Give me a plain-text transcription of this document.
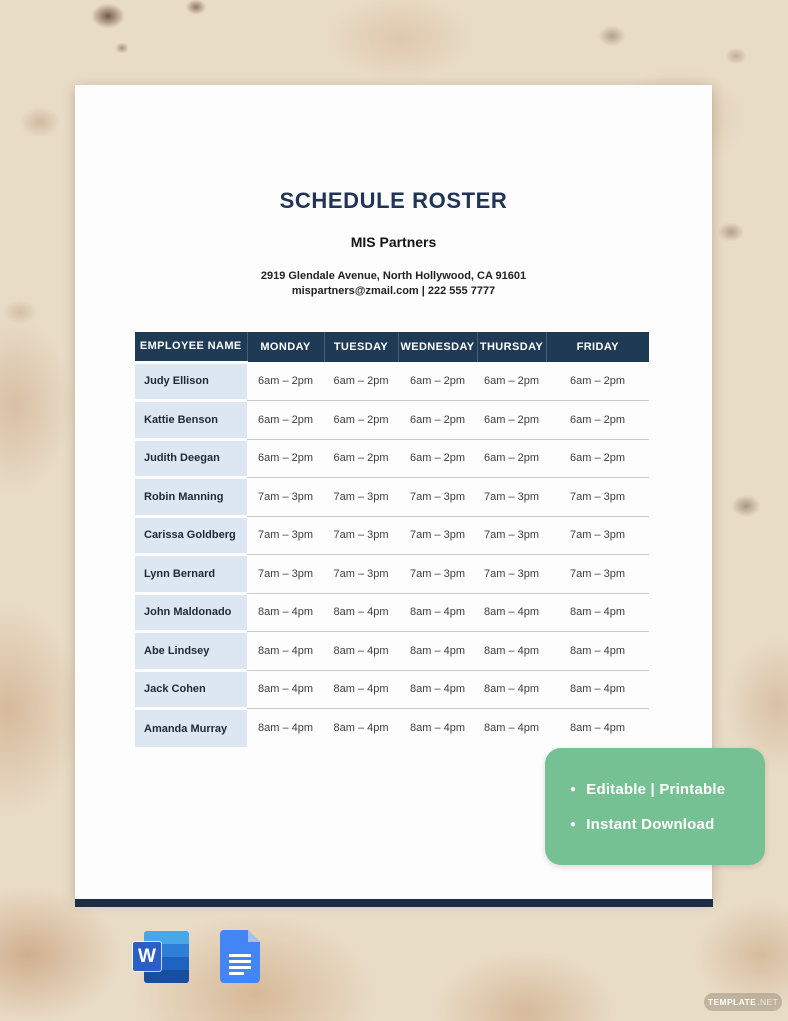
SCHEDULE ROSTER
MIS Partners
2919 Glendale Avenue, North Hollywood, CA 91601
mispartners@zmail.com | 222 555 7777
EMPLOYEE NAME	MONDAY	TUESDAY	WEDNESDAY	THURSDAY	FRIDAY
Judy Ellison	6am – 2pm	6am – 2pm	6am – 2pm	6am – 2pm	6am – 2pm
Kattie Benson	6am – 2pm	6am – 2pm	6am – 2pm	6am – 2pm	6am – 2pm
Judith Deegan	6am – 2pm	6am – 2pm	6am – 2pm	6am – 2pm	6am – 2pm
Robin Manning	7am – 3pm	7am – 3pm	7am – 3pm	7am – 3pm	7am – 3pm
Carissa Goldberg	7am – 3pm	7am – 3pm	7am – 3pm	7am – 3pm	7am – 3pm
Lynn Bernard	7am – 3pm	7am – 3pm	7am – 3pm	7am – 3pm	7am – 3pm
John Maldonado	8am – 4pm	8am – 4pm	8am – 4pm	8am – 4pm	8am – 4pm
Abe Lindsey	8am – 4pm	8am – 4pm	8am – 4pm	8am – 4pm	8am – 4pm
Jack Cohen	8am – 4pm	8am – 4pm	8am – 4pm	8am – 4pm	8am – 4pm
Amanda Murray	8am – 4pm	8am – 4pm	8am – 4pm	8am – 4pm	8am – 4pm
● Editable | Printable
● Instant Download
W
TEMPLATE .NET
